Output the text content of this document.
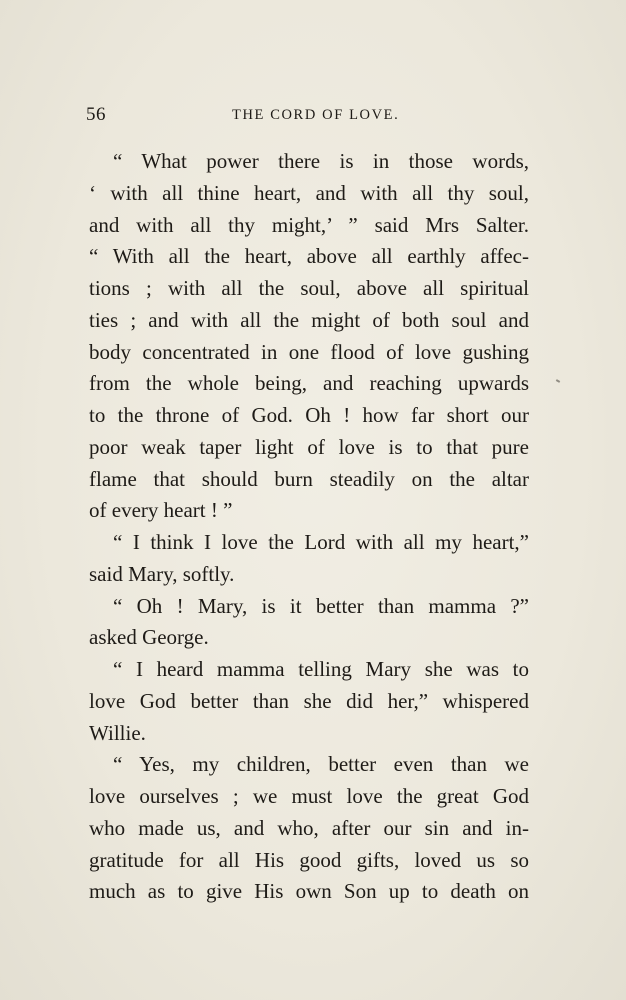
56	THE CORD OF LOVE.
“ What power there is in those words,
‘ with all thine heart, and with all thy soul,
and with all thy might,’ ” said Mrs Salter.
“ With all the heart, above all earthly affec-
tions ; with all the soul, above all spiritual
ties ; and with all the might of both soul and
body concentrated in one flood of love gushing
from the whole being, and reaching upwards
to the throne of God. Oh ! how far short our
poor weak taper light of love is to that pure
flame that should burn steadily on the altar
of every heart ! ”
“ I think I love the Lord with all my heart,”
said Mary, softly.
“ Oh ! Mary, is it better than mamma ?”
asked George.
“ I heard mamma telling Mary she was to
love God better than she did her,” whispered
Willie.
“ Yes, my children, better even than we
love ourselves ; we must love the great God
who made us, and who, after our sin and in-
gratitude for all His good gifts, loved us so
much as to give His own Son up to death on
